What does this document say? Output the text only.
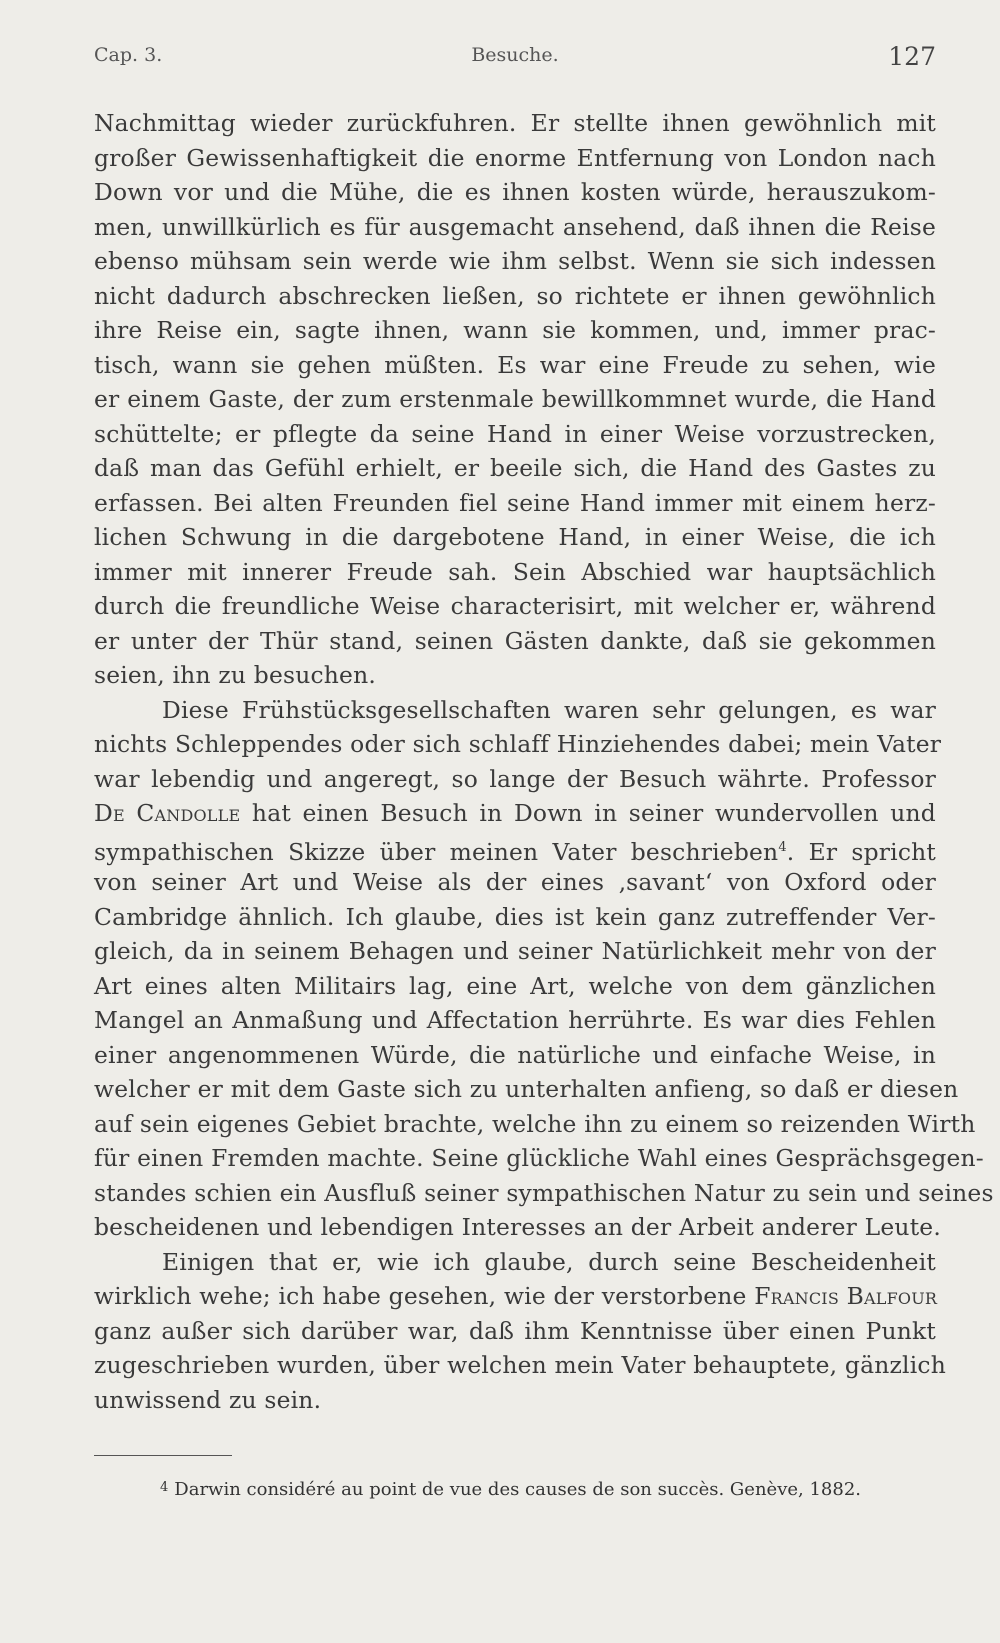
Cap. 3.	Besuche.	127
Nachmittag wieder zurückfuhren. Er stellte ihnen gewöhnlich mit
großer Gewissenhaftigkeit die enorme Entfernung von London nach
Down vor und die Mühe, die es ihnen kosten würde, herauszukom-
men, unwillkürlich es für ausgemacht ansehend, daß ihnen die Reise
ebenso mühsam sein werde wie ihm selbst. Wenn sie sich indessen
nicht dadurch abschrecken ließen, so richtete er ihnen gewöhnlich
ihre Reise ein, sagte ihnen, wann sie kommen, und, immer prac-
tisch, wann sie gehen müßten. Es war eine Freude zu sehen, wie
er einem Gaste, der zum erstenmale bewillkommnet wurde, die Hand
schüttelte; er pflegte da seine Hand in einer Weise vorzustrecken,
daß man das Gefühl erhielt, er beeile sich, die Hand des Gastes zu
erfassen. Bei alten Freunden fiel seine Hand immer mit einem herz-
lichen Schwung in die dargebotene Hand, in einer Weise, die ich
immer mit innerer Freude sah. Sein Abschied war hauptsächlich
durch die freundliche Weise characterisirt, mit welcher er, während
er unter der Thür stand, seinen Gästen dankte, daß sie gekommen
seien, ihn zu besuchen.
Diese Frühstücksgesellschaften waren sehr gelungen, es war
nichts Schleppendes oder sich schlaff Hinziehendes dabei; mein Vater
war lebendig und angeregt, so lange der Besuch währte. Professor
De Candolle hat einen Besuch in Down in seiner wundervollen und
sympathischen Skizze über meinen Vater beschrieben$^4$. Er spricht
von seiner Art und Weise als der eines ‚savant‘ von Oxford oder
Cambridge ähnlich. Ich glaube, dies ist kein ganz zutreffender Ver-
gleich, da in seinem Behagen und seiner Natürlichkeit mehr von der
Art eines alten Militairs lag, eine Art, welche von dem gänzlichen
Mangel an Anmaßung und Affectation herrührte. Es war dies Fehlen
einer angenommenen Würde, die natürliche und einfache Weise, in
welcher er mit dem Gaste sich zu unterhalten anfieng, so daß er diesen
auf sein eigenes Gebiet brachte, welche ihn zu einem so reizenden Wirth
für einen Fremden machte. Seine glückliche Wahl eines Gesprächsgegen-
standes schien ein Ausfluß seiner sympathischen Natur zu sein und seines
bescheidenen und lebendigen Interesses an der Arbeit anderer Leute.
Einigen that er, wie ich glaube, durch seine Bescheidenheit
wirklich wehe; ich habe gesehen, wie der verstorbene Francis Balfour
ganz außer sich darüber war, daß ihm Kenntnisse über einen Punkt
zugeschrieben wurden, über welchen mein Vater behauptete, gänzlich
unwissend zu sein.
$^4$ Darwin considéré au point de vue des causes de son succès. Genève, 1882.
